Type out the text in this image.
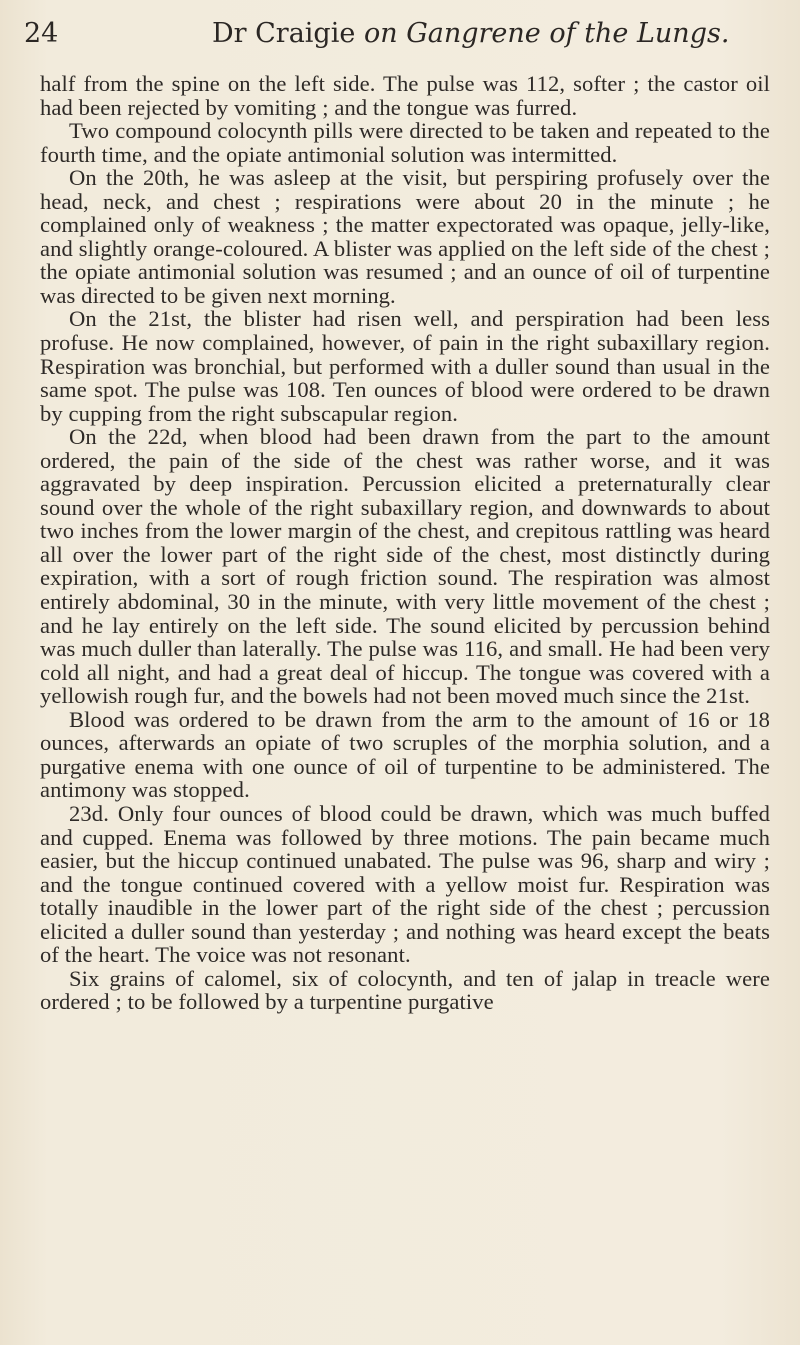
24	Dr Craigie on Gangrene of the Lungs.

half from the spine on the left side. The pulse was 112, softer ; the castor oil had been rejected by vomiting ; and the tongue was furred.

Two compound colocynth pills were directed to be taken and repeated to the fourth time, and the opiate antimonial solution was intermitted.

On the 20th, he was asleep at the visit, but perspiring profusely over the head, neck, and chest ; respirations were about 20 in the minute ; he complained only of weakness ; the matter expectorated was opaque, jelly-like, and slightly orange-coloured. A blister was applied on the left side of the chest ; the opiate antimonial solution was resumed ; and an ounce of oil of turpentine was directed to be given next morning.

On the 21st, the blister had risen well, and perspiration had been less profuse. He now complained, however, of pain in the right subaxillary region. Respiration was bronchial, but performed with a duller sound than usual in the same spot. The pulse was 108. Ten ounces of blood were ordered to be drawn by cupping from the right subscapular region.

On the 22d, when blood had been drawn from the part to the amount ordered, the pain of the side of the chest was rather worse, and it was aggravated by deep inspiration. Percussion elicited a preternaturally clear sound over the whole of the right subaxillary region, and downwards to about two inches from the lower margin of the chest, and crepitous rattling was heard all over the lower part of the right side of the chest, most distinctly during expiration, with a sort of rough friction sound. The respiration was almost entirely abdominal, 30 in the minute, with very little movement of the chest ; and he lay entirely on the left side. The sound elicited by percussion behind was much duller than laterally. The pulse was 116, and small. He had been very cold all night, and had a great deal of hiccup. The tongue was covered with a yellowish rough fur, and the bowels had not been moved much since the 21st.

Blood was ordered to be drawn from the arm to the amount of 16 or 18 ounces, afterwards an opiate of two scruples of the morphia solution, and a purgative enema with one ounce of oil of turpentine to be administered. The antimony was stopped.

23d. Only four ounces of blood could be drawn, which was much buffed and cupped. Enema was followed by three motions. The pain became much easier, but the hiccup continued unabated. The pulse was 96, sharp and wiry ; and the tongue continued covered with a yellow moist fur. Respiration was totally inaudible in the lower part of the right side of the chest ; percussion elicited a duller sound than yesterday ; and nothing was heard except the beats of the heart. The voice was not resonant.

Six grains of calomel, six of colocynth, and ten of jalap in treacle were ordered ; to be followed by a turpentine purgative
